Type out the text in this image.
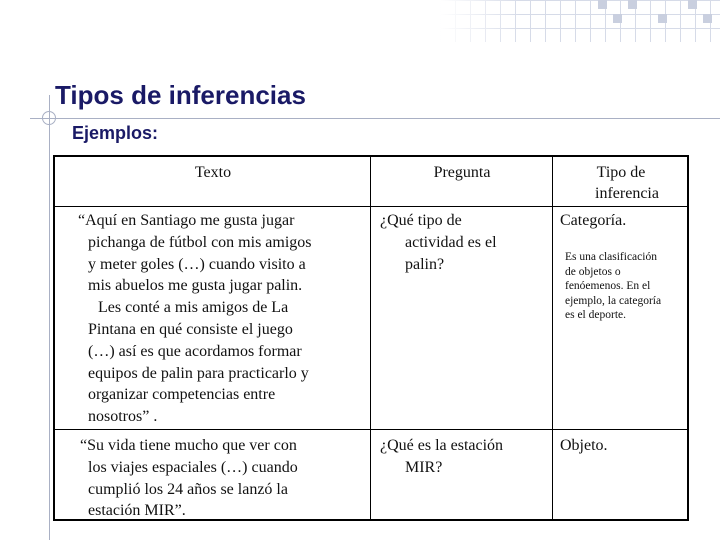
Tipos de inferencias
Ejemplos:
Texto	Pregunta	Tipo de
inferencia
“Aquí en Santiago me gusta jugar
pichanga de fútbol con mis amigos
y meter goles (…) cuando visito a
mis abuelos me gusta jugar palin.
Les conté a mis amigos de La
Pintana en qué consiste el juego
(…) así es que acordamos formar
equipos de palin para practicarlo y
organizar competencias entre
nosotros” .
¿Qué tipo de
actividad es el
palin?
Categoría.
Es una clasificación
de objetos o
fenóemenos. En el
ejemplo, la categoría
es el deporte.
“Su vida tiene mucho que ver con
los viajes espaciales (…) cuando
cumplió los 24 años se lanzó la
estación MIR”.
¿Qué es la estación
MIR?
Objeto.
